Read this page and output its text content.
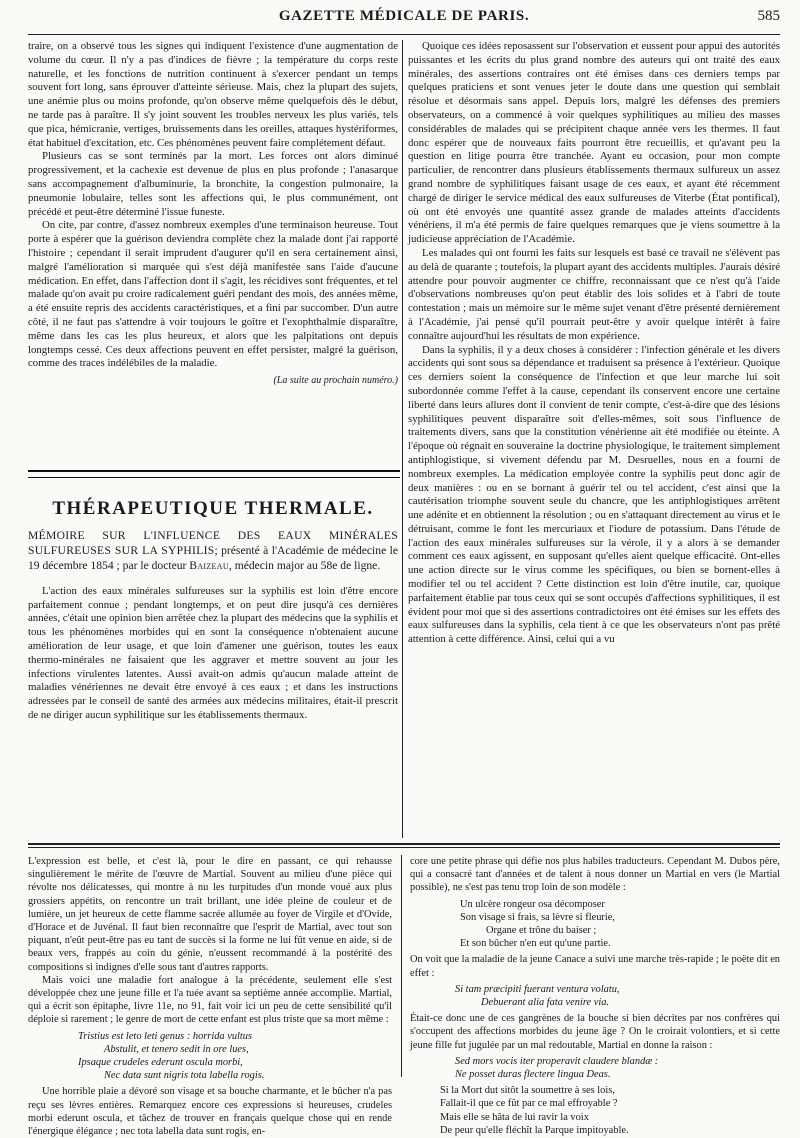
GAZETTE MÉDICALE DE PARIS.	585

traire, on a observé tous les signes qui indiquent l'existence d'une augmentation de volume du cœur. Il n'y a pas d'indices de fièvre ; la température du corps reste naturelle, et les fonctions de nutrition continuent à s'exercer pendant un temps souvent fort long, sans éprouver d'atteinte sérieuse. Mais, chez la plupart des sujets, une anémie plus ou moins profonde, qu'on observe même quelquefois dès le début, ne tarde pas à paraître. Il s'y joint souvent les troubles nerveux les plus variés, tels que pica, hémicranie, vertiges, bruissements dans les oreilles, attaques hystériformes, état habituel d'excitation, etc. Ces phénomènes peuvent faire complétement défaut.

Plusieurs cas se sont terminés par la mort. Les forces ont alors diminué progressivement, et la cachexie est devenue de plus en plus profonde ; l'anasarque sans accompagnement d'albuminurie, la bronchite, la congestion pulmonaire, la pneumonie lobulaire, telles sont les affections qui, le plus communément, ont précédé et peut-être déterminé l'issue funeste.

On cite, par contre, d'assez nombreux exemples d'une terminaison heureuse. Tout porte à espérer que la guérison deviendra complète chez la malade dont j'ai rapporté l'histoire ; cependant il serait imprudent d'augurer qu'il en sera certainement ainsi, malgré l'amélioration si marquée qui s'est déjà manifestée sans l'aide d'aucune médication. En effet, dans l'affection dont il s'agit, les récidives sont fréquentes, et tel malade qu'on avait pu croire radicalement guéri pendant des mois, des années même, a été ensuite repris des accidents caractéristiques, et a fini par succomber. D'un autre côté, il ne faut pas s'attendre à voir toujours le goître et l'exophthalmie disparaître, même dans les cas les plus heureux, et alors que les palpitations ont depuis longtemps cessé. Ces deux affections peuvent en effet persister, malgré la guérison, comme des traces indélébiles de la maladie.

(La suite au prochain numéro.)
THÉRAPEUTIQUE THERMALE.

MÉMOIRE SUR L'INFLUENCE DES EAUX MINÉRALES SULFUREUSES SUR LA SYPHILIS; présenté à l'Académie de médecine le 19 décembre 1854 ; par le docteur Baizeau, médecin major au 58e de ligne.

L'action des eaux minérales sulfureuses sur la syphilis est loin d'être encore parfaitement connue ; pendant longtemps, et on peut dire jusqu'à ces dernières années, c'était une opinion bien arrêtée chez la plupart des médecins que la syphilis et tous les phénomènes morbides qui en sont la conséquence n'obtenaient aucune amélioration de leur usage, et que loin d'amener une guérison, toutes les eaux thermo-minérales ne faisaient que les aggraver et mettre souvent au jour les infections virulentes latentes. Aussi avait-on admis qu'aucun malade atteint de maladies vénériennes ne devait être envoyé à ces eaux ; et dans les instructions adressées par le conseil de santé des armées aux médecins militaires, était-il prescrit de ne diriger aucun syphilitique sur les établissements thermaux.

Quoique ces idées reposassent sur l'observation et eussent pour appui des autorités puissantes et les écrits du plus grand nombre des auteurs qui ont traité des eaux minérales, des assertions contraires ont été émises dans ces derniers temps par quelques praticiens et sont venues jeter le doute dans une question qui semblait résolue et désormais sans appel. Depuis lors, malgré les défenses des premiers observateurs, on a commencé à voir quelques syphilitiques au milieu des masses considérables de malades qui se précipitent chaque année vers les thermes. Il faut donc espérer que de nouveaux faits pourront être recueillis, et qu'avant peu la question en litige pourra être tranchée. Ayant eu occasion, pour mon compte particulier, de rencontrer dans plusieurs établissements thermaux sulfureux un assez grand nombre de syphilitiques faisant usage de ces eaux, et ayant été récemment chargé de diriger le service médical des eaux sulfureuses de Viterbe (État pontifical), où ont été envoyés une quantité assez grande de malades atteints d'accidents vénériens, il m'a été permis de faire quelques remarques que je viens soumettre à la judicieuse appréciation de l'Académie.

Les malades qui ont fourni les faits sur lesquels est basé ce travail ne s'élèvent pas au delà de quarante ; toutefois, la plupart ayant des accidents multiples. J'aurais désiré attendre pour pouvoir augmenter ce chiffre, reconnaissant que ce n'est qu'à l'aide d'observations nombreuses qu'on peut établir des lois solides et à l'abri de toute contestation ; mais un mémoire sur le même sujet venant d'être présenté dernièrement à l'Académie, j'ai pensé qu'il pourrait peut-être y avoir quelque intérêt à faire connaître aujourd'hui les résultats de mon expérience.

Dans la syphilis, il y a deux choses à considérer : l'infection générale et les divers accidents qui sont sous sa dépendance et traduisent sa présence à l'extérieur. Quoique ces derniers soient la conséquence de l'infection et que leur marche lui soit subordonnée comme l'effet à la cause, cependant ils conservent encore une certaine liberté dans leurs allures dont il convient de tenir compte, c'est-à-dire que des lésions syphilitiques peuvent disparaître soit d'elles-mêmes, soit sous l'influence de traitements divers, sans que la constitution vénérienne ait été modifiée ou éteinte. A l'époque où régnait en souveraine la doctrine physiologique, le traitement simplement antiphlogistique, si vivement défendu par M. Desruelles, nous en a fourni de nombreux exemples. La médication employée contre la syphilis peut donc agir de deux manières : ou en se bornant à guérir tel ou tel accident, c'est ainsi que la cautérisation triomphe souvent seule du chancre, que les antiphlogistiques arrêtent une adénite et en obtiennent la résolution ; ou en s'attaquant directement au virus et le détruisant, comme le font les mercuriaux et l'iodure de potassium. Dans l'étude de l'action des eaux minérales sulfureuses sur la vérole, il y a alors à se demander comment ces eaux agissent, en supposant qu'elles aient quelque efficacité. Ont-elles une action directe sur le virus comme les spécifiques, ou bien se bornent-elles à modifier tel ou tel accident ? Cette distinction est loin d'être inutile, car, quoique parfaitement établie par tous ceux qui se sont occupés d'affections syphilitiques, il est évident pour moi que si des assertions contradictoires ont été émises sur les effets des eaux sulfureuses dans la syphilis, cela tient à ce que les observateurs n'ont pas prêté attention à cette différence. Ainsi, celui qui a vu

L'expression est belle, et c'est là, pour le dire en passant, ce qui rehausse singulièrement le mérite de l'œuvre de Martial. Souvent au milieu d'une pièce qui révolte nos délicatesses, qui montre à nu les turpitudes d'un monde voué aux plus grossiers appétits, on rencontre un trait brillant, une idée pleine de couleur et de lumière, un jet heureux de cette flamme sacrée allumée au foyer de Virgile et d'Ovide, d'Horace et de Juvénal. Il faut bien reconnaître que l'esprit de Martial, avec tout son piquant, n'eût peut-être pas eu tant de succès si la forme ne lui fût venue en aide, si de beaux vers, frappés au coin du génie, n'eussent recommandé à la postérité des compositions si indignes d'elle sous tant d'autres rapports.

Mais voici une maladie fort analogue à la précédente, seulement elle s'est développée chez une jeune fille et l'a tuée avant sa septième année accomplie. Martial, qui a écrit son épitaphe, livre 11e, no 91, fait voir ici un peu de cette sensibilité qu'il déploie si rarement ; le genre de mort de cette enfant est plus triste que sa mort même :

Tristius est leto leti genus : horrida vultus
Abstulit, et tenero sedit in ore lues,
Ipsaque crudeles ederunt oscula morbi,
Nec data sunt nigris tota labella rogis.

Une horrible plaie a dévoré son visage et sa bouche charmante, et le bûcher n'a pas reçu ses lèvres entières. Remarquez encore ces expressions si heureuses, crudeles morbi ederunt oscula, et tâchez de trouver en français quelque chose qui en rende l'énergique élégance ; nec tota labella data sunt rogis, en-

core une petite phrase qui défie nos plus habiles traducteurs. Cependant M. Dubos père, qui a consacré tant d'années et de talent à nous donner un Martial en vers (le Martial possible), ne s'est pas tenu trop loin de son modèle :

Un ulcère rongeur osa décomposer
Son visage si frais, sa lèvre si fleurie,
Organe et trône du baiser ;
Et son bûcher n'en eut qu'une partie.

On voit que la maladie de la jeune Canace a suivi une marche très-rapide ; le poëte dit en effet :

Si tam præcipiti fuerant ventura volatu,
Debuerant alia fata venire via.

Était-ce donc une de ces gangrènes de la bouche si bien décrites par nos confrères qui s'occupent des affections morbides du jeune âge ? On le croirait volontiers, et si cette jeune fille fut jugulée par un mal redoutable, Martial en donne la raison :

Sed mors vocis iter properavit claudere blandæ :
Ne posset duras flectere lingua Deas.
Si la Mort dut sitôt la soumettre à ses lois,
Fallait-il que ce fût par ce mal effroyable ?
Mais elle se hâta de lui ravir la voix
De peur qu'elle fléchît la Parque impitoyable.
